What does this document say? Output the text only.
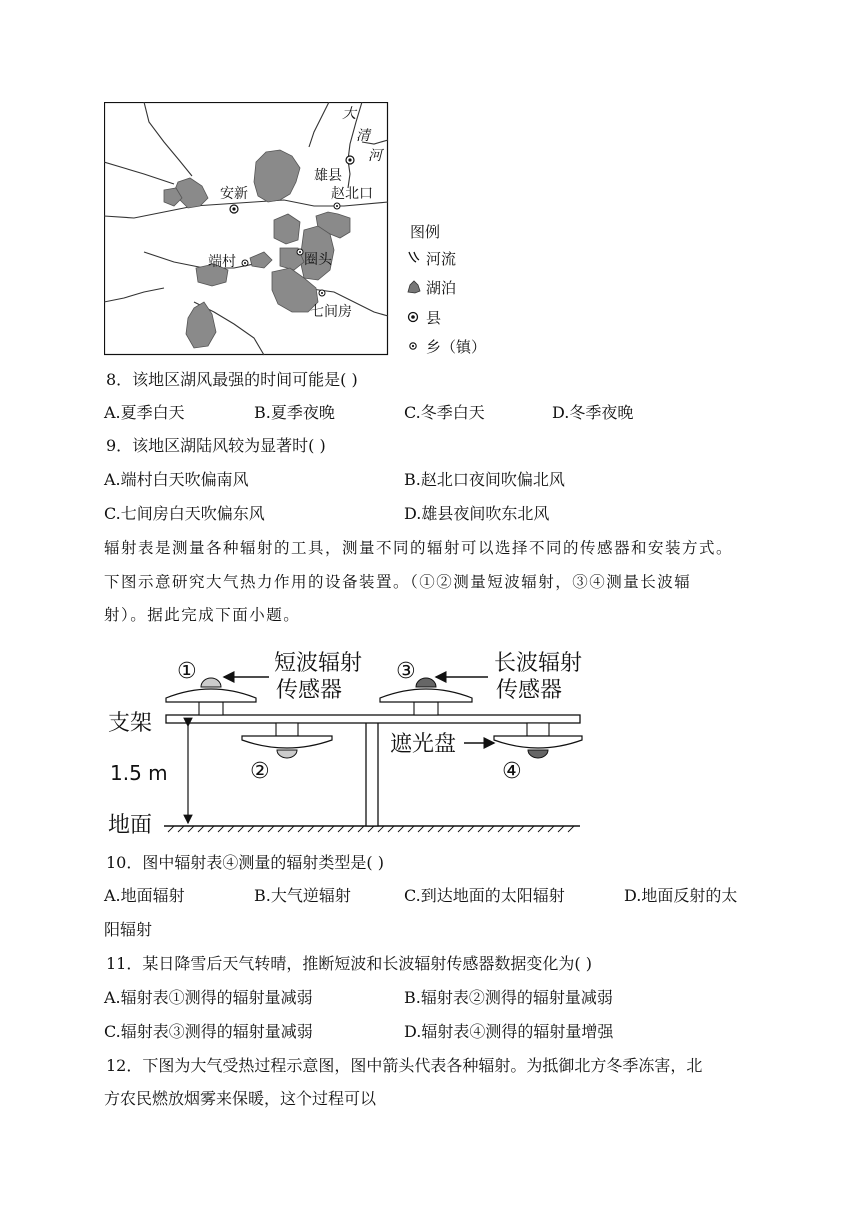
大
清
河
雄县
赵北口
安新
端村	圈头
七间房
图例
河流
湖泊
县
乡（镇）
8．该地区湖风最强的时间可能是( )
A.夏季白天	B.夏季夜晚	C.冬季白天	D.冬季夜晚
9．该地区湖陆风较为显著时( )
A.端村白天吹偏南风	B.赵北口夜间吹偏北风
C.七间房白天吹偏东风	D.雄县夜间吹东北风
辐射表是测量各种辐射的工具，测量不同的辐射可以选择不同的传感器和安装方式。
下图示意研究大气热力作用的设备装置。（①②测量短波辐射，③④测量长波辐
射）。据此完成下面小题。
①	③
②	④
短波辐射
传感器
长波辐射
传感器
支架
遮光盘
地面
1.5 m
10．图中辐射表④测量的辐射类型是( )
A.地面辐射	B.大气逆辐射	C.到达地面的太阳辐射	D.地面反射的太
阳辐射
11．某日降雪后天气转晴，推断短波和长波辐射传感器数据变化为( )
A.辐射表①测得的辐射量减弱	B.辐射表②测得的辐射量减弱
C.辐射表③测得的辐射量减弱	D.辐射表④测得的辐射量增强
12．下图为大气受热过程示意图，图中箭头代表各种辐射。为抵御北方冬季冻害，北
方农民燃放烟雾来保暖，这个过程可以
